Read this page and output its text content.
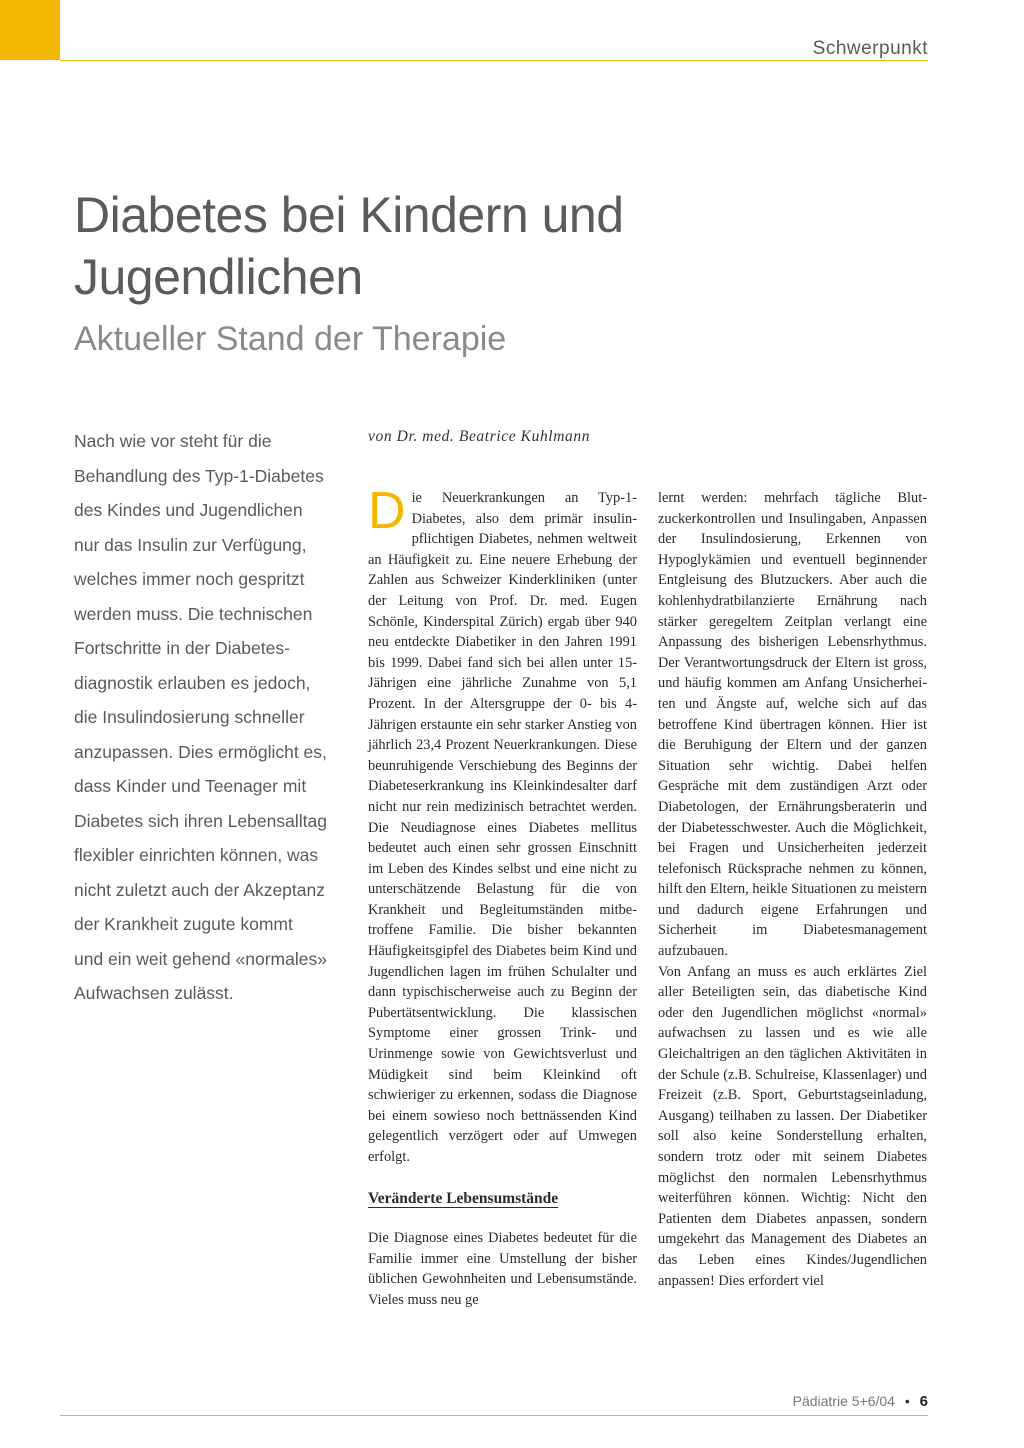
Schwerpunkt
Diabetes bei Kindern und Jugendlichen
Aktueller Stand der Therapie
Nach wie vor steht für die
Behandlung des Typ-1-Diabetes
des Kindes und Jugendlichen
nur das Insulin zur Verfügung,
welches immer noch gespritzt
werden muss. Die technischen
Fortschritte in der Diabetes-
diagnostik erlauben es jedoch,
die Insulindosierung schneller
anzupassen. Dies ermöglicht es,
dass Kinder und Teenager mit
Diabetes sich ihren Lebensalltag
flexibler einrichten können, was
nicht zuletzt auch der Akzeptanz
der Krankheit zugute kommt
und ein weit gehend «normales»
Aufwachsen zulässt.
von Dr. med. Beatrice Kuhlmann

Die Neuerkrankungen an Typ-1-Diabetes, also dem primär insulinpflichtigen Diabetes, nehmen weltweit an Häufigkeit zu. Eine neuere Erhebung der Zahlen aus Schweizer Kinderkliniken (unter der Leitung von Prof. Dr. med. Eugen Schönle, Kinderspital Zürich) ergab über 940 neu entdeckte Diabetiker in den Jahren 1991 bis 1999. Dabei fand sich bei allen unter 15-Jährigen eine jährliche Zunahme von 5,1 Prozent. In der Altersgruppe der 0- bis 4-Jährigen erstaunte ein sehr starker Anstieg von jährlich 23,4 Prozent Neuerkrankungen. Diese beunruhigende Verschiebung des Beginns der Diabeteserkrankung ins Kleinkindesalter darf nicht nur rein medizinisch betrachtet werden. Die Neudiagnose eines Diabetes mellitus bedeutet auch einen sehr grossen Einschnitt im Leben des Kindes selbst und eine nicht zu unterschätzende Belastung für die von Krankheit und Begleitumständen mitbetroffene Familie. Die bisher bekannten Häufigkeitsgipfel des Diabetes beim Kind und Jugendlichen lagen im frühen Schulalter und dann typischischerweise auch zu Beginn der Pubertätsentwicklung. Die klassischen Symptome einer grossen Trink- und Urinmenge sowie von Gewichtsverlust und Müdigkeit sind beim Kleinkind oft schwieriger zu erkennen, sodass die Diagnose bei einem sowieso noch bettnässenden Kind gelegentlich verzögert oder auf Umwegen erfolgt.

Veränderte Lebensumstände

Die Diagnose eines Diabetes bedeutet für die Familie immer eine Umstellung der bisher üblichen Gewohnheiten und Lebensumstände. Vieles muss neu ge

lernt werden: mehrfach tägliche Blutzuckerkontrollen und Insulingaben, Anpassen der Insulindosierung, Erkennen von Hypoglykämien und eventuell beginnender Entgleisung des Blutzuckers. Aber auch die kohlenhydratbilanzierte Ernährung nach stärker geregeltem Zeitplan verlangt eine Anpassung des bisherigen Lebensrhythmus. Der Verantwortungsdruck der Eltern ist gross, und häufig kommen am Anfang Unsicherheiten und Ängste auf, welche sich auf das betroffene Kind übertragen können. Hier ist die Beruhigung der Eltern und der ganzen Situation sehr wichtig. Dabei helfen Gespräche mit dem zuständigen Arzt oder Diabetologen, der Ernährungsberaterin und der Diabetesschwester. Auch die Möglichkeit, bei Fragen und Unsicherheiten jederzeit telefonisch Rücksprache nehmen zu können, hilft den Eltern, heikle Situationen zu meistern und dadurch eigene Erfahrungen und Sicherheit im Diabetesmanagement aufzubauen.

Von Anfang an muss es auch erklärtes Ziel aller Beteiligten sein, das diabetische Kind oder den Jugendlichen möglichst «normal» aufwachsen zu lassen und es wie alle Gleichaltrigen an den täglichen Aktivitäten in der Schule (z.B. Schulreise, Klassenlager) und Freizeit (z.B. Sport, Geburtstagseinladung, Ausgang) teilhaben zu lassen. Der Diabetiker soll also keine Sonderstellung erhalten, sondern trotz oder mit seinem Diabetes möglichst den normalen Lebensrhythmus weiterführen können. Wichtig: Nicht den Patienten dem Diabetes anpassen, sondern umgekehrt das Management des Diabetes an das Leben eines Kindes/Jugendlichen anpassen! Dies erfordert viel

Pädiatrie 5+6/04 • 6
